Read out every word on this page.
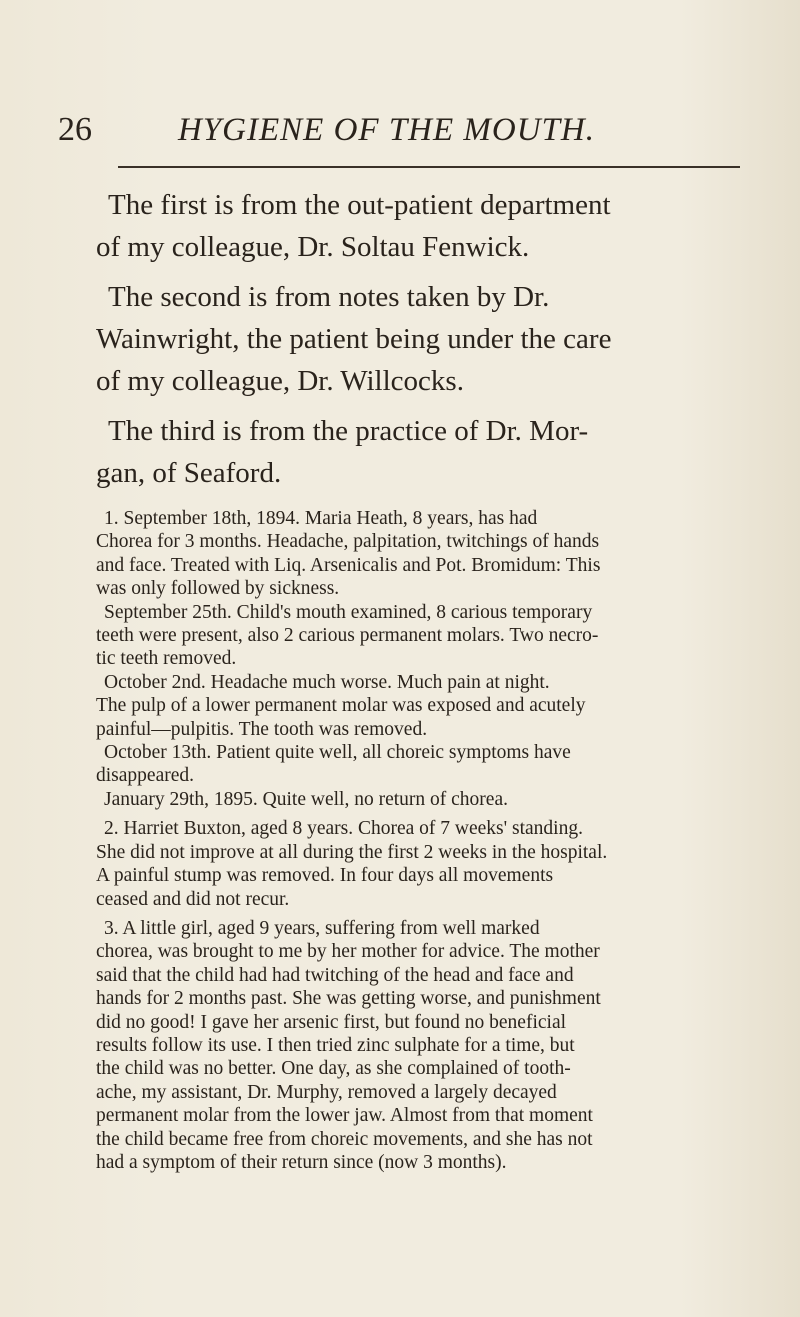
26	HYGIENE OF THE MOUTH.

The first is from the out-patient department
of my colleague, Dr. Soltau Fenwick.

The second is from notes taken by Dr.
Wainwright, the patient being under the care
of my colleague, Dr. Willcocks.

The third is from the practice of Dr. Mor-
gan, of Seaford.

1. September 18th, 1894. Maria Heath, 8 years, has had
Chorea for 3 months. Headache, palpitation, twitchings of hands
and face. Treated with Liq. Arsenicalis and Pot. Bromidum: This
was only followed by sickness.

September 25th. Child's mouth examined, 8 carious temporary
teeth were present, also 2 carious permanent molars. Two necro-
tic teeth removed.

October 2nd. Headache much worse. Much pain at night.
The pulp of a lower permanent molar was exposed and acutely
painful—pulpitis. The tooth was removed.

October 13th. Patient quite well, all choreic symptoms have
disappeared.

January 29th, 1895. Quite well, no return of chorea.

2. Harriet Buxton, aged 8 years. Chorea of 7 weeks' standing.
She did not improve at all during the first 2 weeks in the hospital.
A painful stump was removed. In four days all movements
ceased and did not recur.

3. A little girl, aged 9 years, suffering from well marked
chorea, was brought to me by her mother for advice. The mother
said that the child had had twitching of the head and face and
hands for 2 months past. She was getting worse, and punishment
did no good! I gave her arsenic first, but found no beneficial
results follow its use. I then tried zinc sulphate for a time, but
the child was no better. One day, as she complained of tooth-
ache, my assistant, Dr. Murphy, removed a largely decayed
permanent molar from the lower jaw. Almost from that moment
the child became free from choreic movements, and she has not
had a symptom of their return since (now 3 months).
